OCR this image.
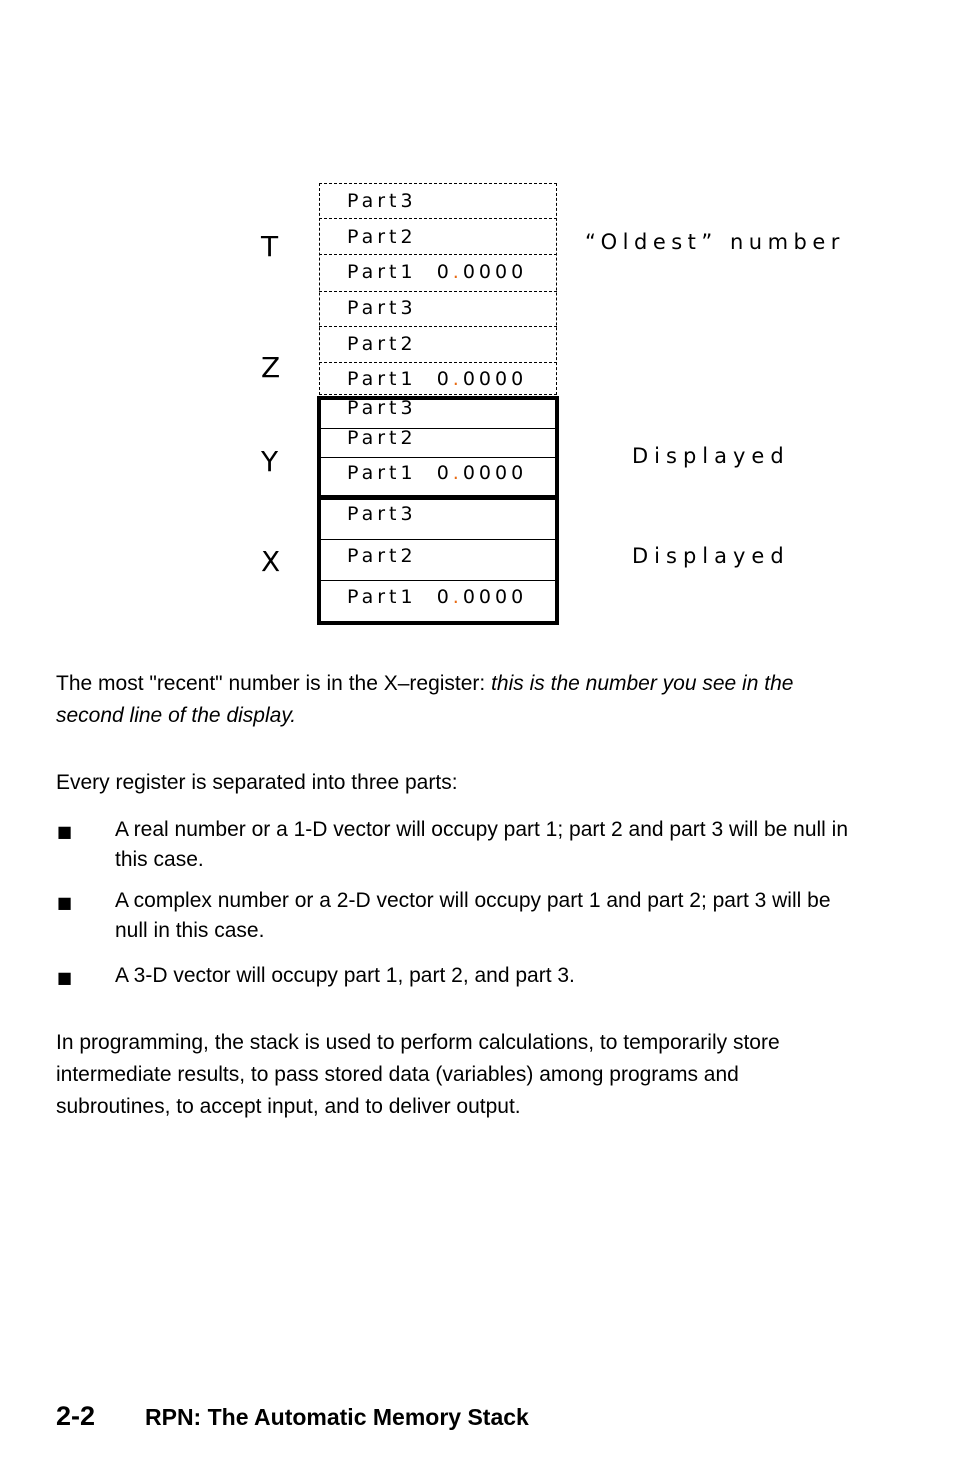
T
Z
Y
X
Part3
Part2
Part1 0.0000
Part3
Part2
Part1 0.0000
Part3
Part2
Part1 0.0000
Part3
Part2
Part1 0.0000
“Oldest” number
Displayed
Displayed
The most "recent" number is in the X–register: this is the number you see in the
second line of the display.
Every register is separated into three parts:
■ A real number or a 1-D vector will occupy part 1; part 2 and part 3 will be null in this case.
■ A complex number or a 2-D vector will occupy part 1 and part 2; part 3 will be null in this case.
■ A 3-D vector will occupy part 1, part 2, and part 3.
In programming, the stack is used to perform calculations, to temporarily store intermediate results, to pass stored data (variables) among programs and subroutines, to accept input, and to deliver output.
2-2 RPN: The Automatic Memory Stack
